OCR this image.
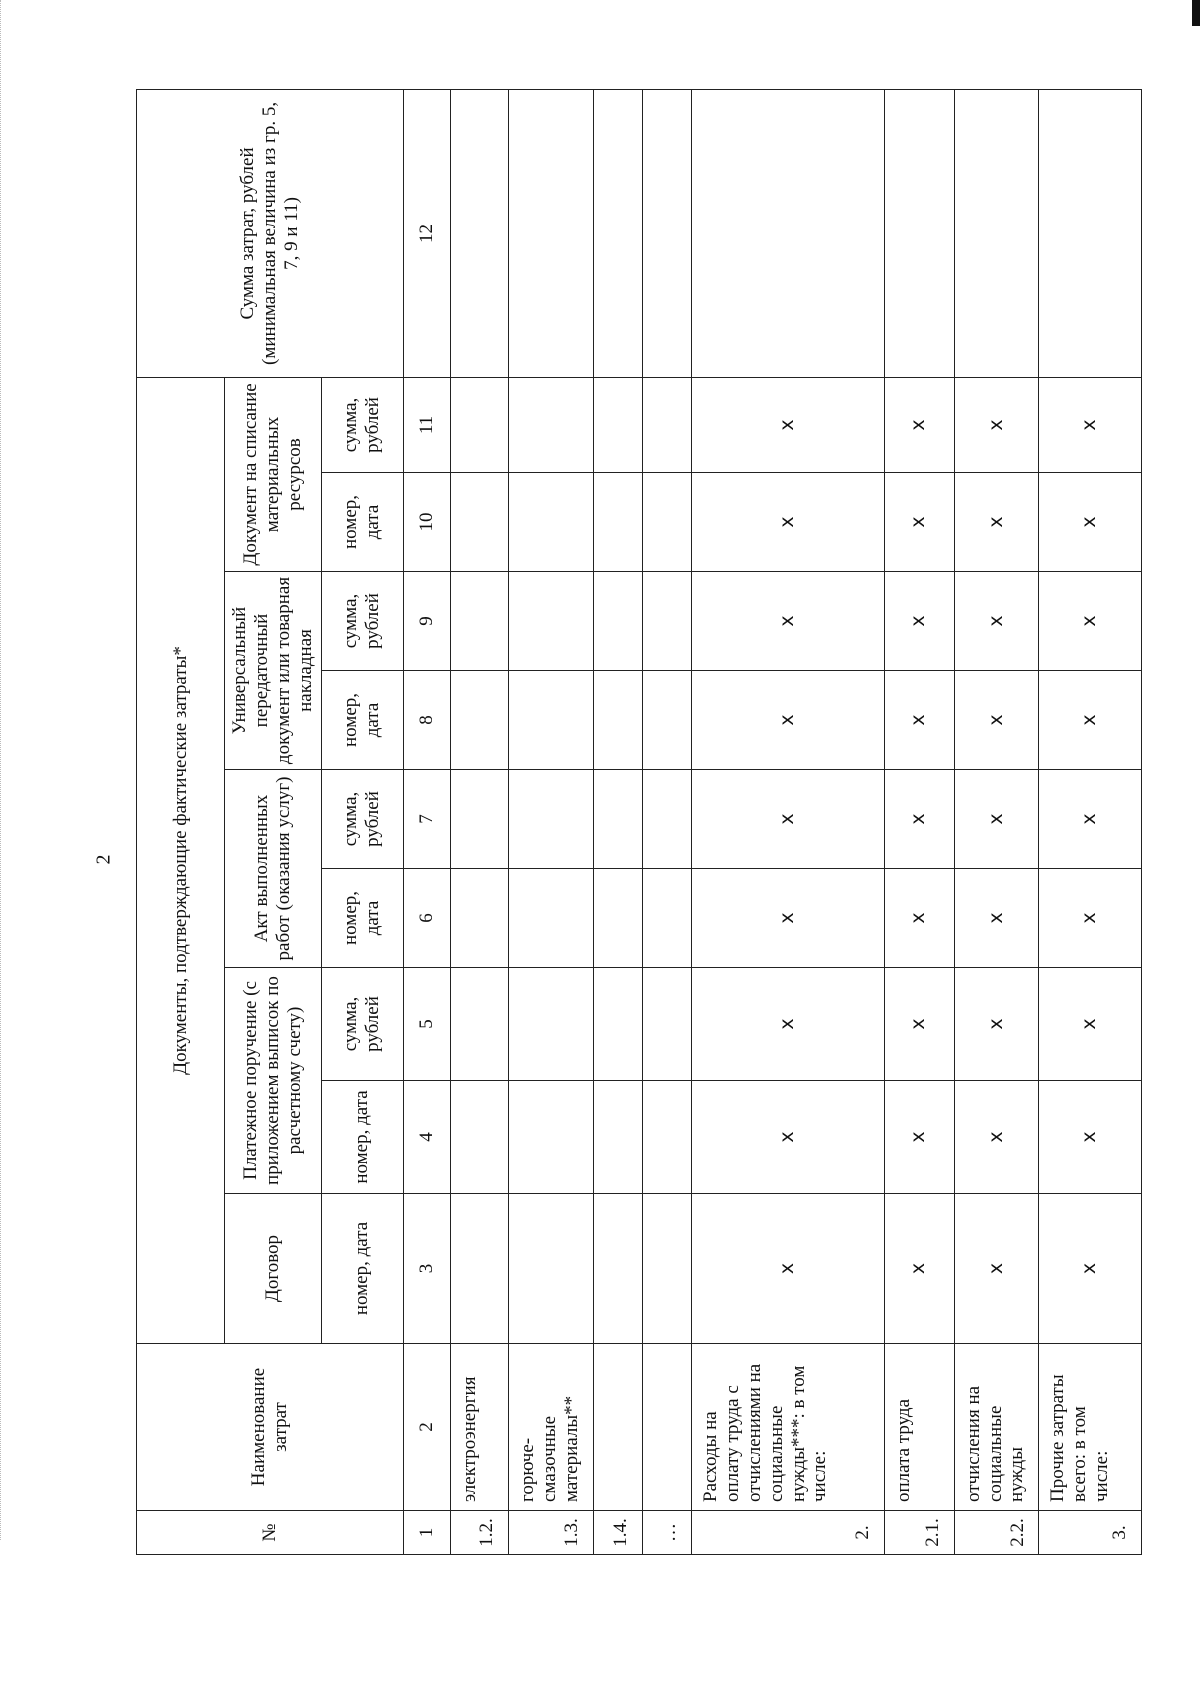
2
№	Наименование затрат	Документы, подтверждающие фактические затраты*									Сумма затрат, рублей (минимальная величина из гр. 5, 7, 9 и 11)
		Договор	Платежное поручение (с приложением выписок по расчетному счету)		Акт выполненных работ (оказания услуг)		Универсальный передаточный документ или товарная накладная		Документ на списание материальных ресурсов		
		номер, дата	номер, дата	сумма, рублей	номер, дата	сумма, рублей	номер, дата	сумма, рублей	номер, дата	сумма, рублей	
1	2	3	4	5	6	7	8	9	10	11	12
1.2.	электроэнергия										
1.3.	горюче-смазочные материалы**										
1.4.											
…											
2.	Расходы на оплату труда с отчислениями на социальные нужды***: в том числе:	х	х	х	х	х	х	х	х	х	
2.1.	оплата труда	х	х	х	х	х	х	х	х	х	
2.2.	отчисления на социальные нужды	х	х	х	х	х	х	х	х	х	
3.	Прочие затраты всего: в том числе:	х	х	х	х	х	х	х	х	х	
